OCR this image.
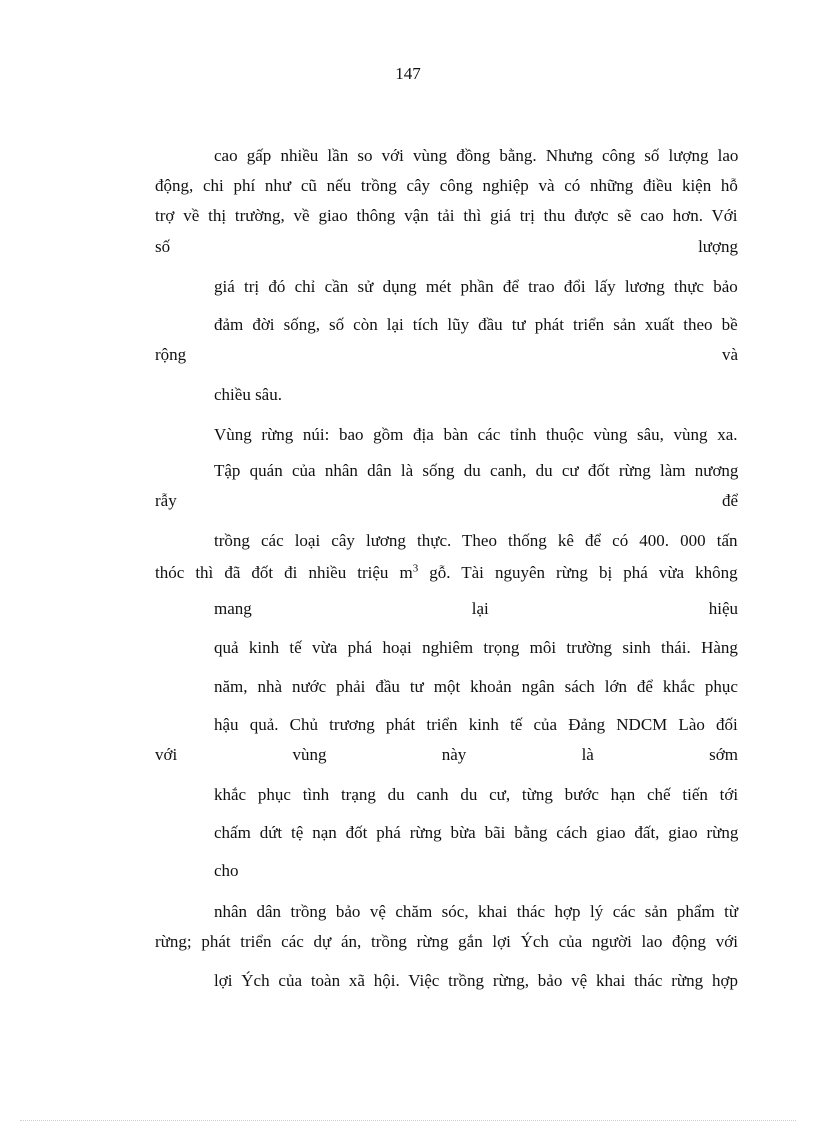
147
cao gấp nhiều lần so với vùng đồng bằng. Nhưng công số lượng lao
động, chi phí như cũ nếu trồng cây công nghiệp và có những điều kiện hỗ
trợ về thị trường, về giao thông vận tải thì giá trị thu được sẽ cao hơn. Với
số	lượng
giá trị đó chỉ cần sử dụng mét phần để trao đổi lấy lương thực bảo
đảm đời sống, số còn lại tích lũy đầu tư phát triển sản xuất theo bề
rộng	và
chiều sâu.
Vùng rừng núi: bao gồm địa bàn các tỉnh thuộc vùng sâu, vùng xa.
Tập quán của nhân dân là sống du canh, du cư đốt rừng làm nương
rẫy	để
trồng các loại cây lương thực. Theo thống kê để có 400. 000 tấn
thóc thì đã đốt đi nhiều triệu $m^3$ gỗ. Tài nguyên rừng bị phá vừa không
mang	lại	hiệu
quả kinh tế vừa phá hoại nghiêm trọng môi trường sinh thái. Hàng
năm, nhà nước phải đầu tư một khoản ngân sách lớn để khắc phục
hậu quả. Chủ trương phát triển kinh tế của Đảng NDCM Lào đối
với	vùng	này	là	sớm
khắc phục tình trạng du canh du cư, từng bước hạn chế tiến tới
chấm dứt tệ nạn đốt phá rừng bừa bãi bằng cách giao đất, giao rừng
cho
nhân dân trồng bảo vệ chăm sóc, khai thác hợp lý các sản phẩm từ
rừng; phát triển các dự án, trồng rừng gắn lợi Ých của người lao động với
lợi Ých của toàn xã hội. Việc trồng rừng, bảo vệ khai thác rừng hợp
